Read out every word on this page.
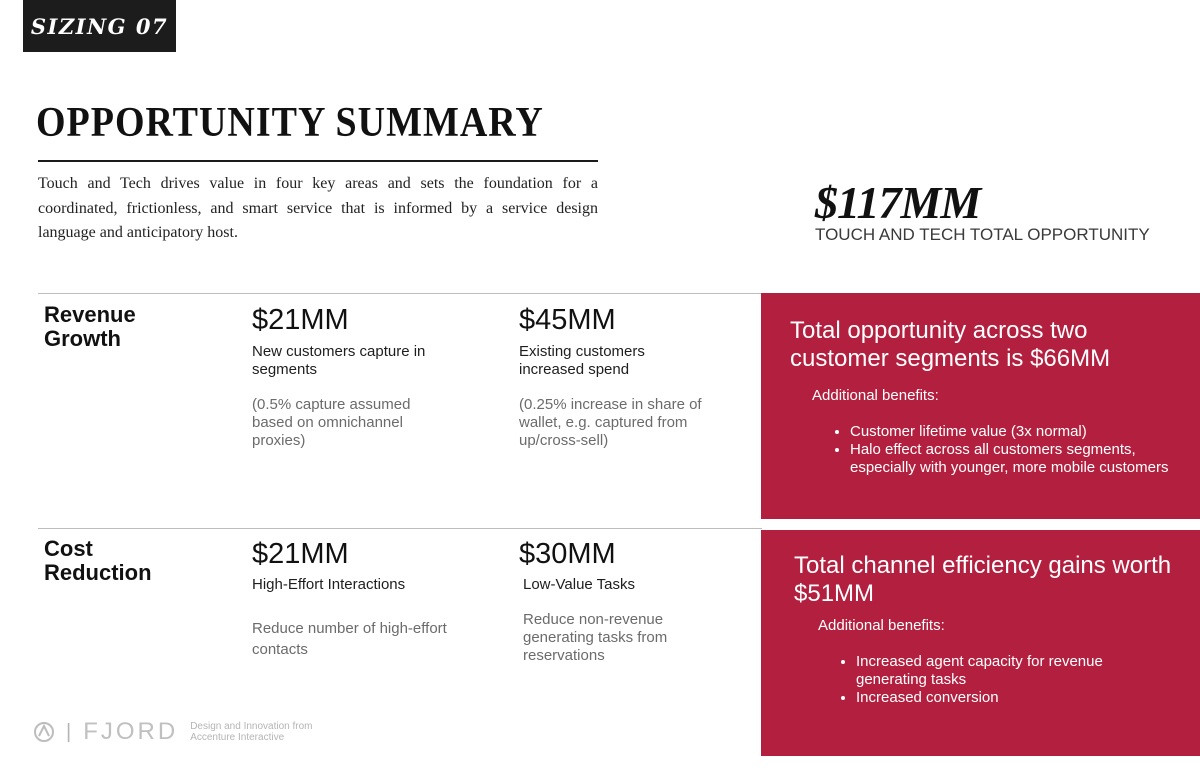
SIZING 07
OPPORTUNITY SUMMARY
Touch and Tech drives value in four key areas and sets the foundation for a coordinated, frictionless, and smart service that is informed by a service design language and anticipatory host.
$117MM
TOUCH AND TECH TOTAL OPPORTUNITY
Revenue Growth
$21MM
New customers capture in segments
(0.5% capture assumed based on omnichannel proxies)
$45MM
Existing customers increased spend
(0.25% increase in share of wallet, e.g. captured from up/cross-sell)
Total opportunity across two customer segments is $66MM
Additional benefits:
• Customer lifetime value (3x normal)
• Halo effect across all customers segments, especially with younger, more mobile customers
Cost Reduction
$21MM
High-Effort Interactions
Reduce number of high-effort contacts
$30MM
Low-Value Tasks
Reduce non-revenue generating tasks from reservations
Total channel efficiency gains worth $51MM
Additional benefits:
• Increased agent capacity for revenue generating tasks
• Increased conversion
| FJORD Design and Innovation from Accenture Interactive
